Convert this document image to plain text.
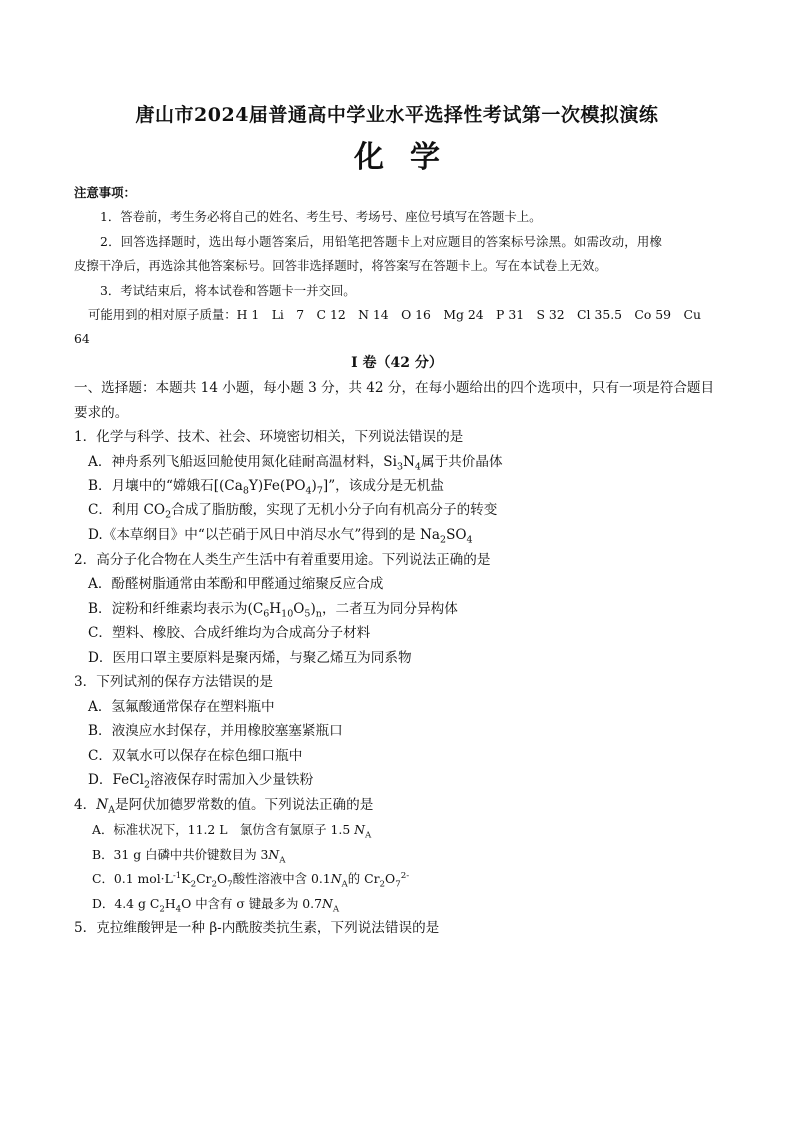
唐山市2024届普通高中学业水平选择性考试第一次模拟演练
化学
注意事项：
1．答卷前，考生务必将自己的姓名、考生号、考场号、座位号填写在答题卡上。
2．回答选择题时，选出每小题答案后，用铅笔把答题卡上对应题目的答案标号涂黑。如需改动，用橡
皮擦干净后，再选涂其他答案标号。回答非选择题时，将答案写在答题卡上。写在本试卷上无效。
3．考试结束后，将本试卷和答题卡一并交回。
可能用到的相对原子质量：H 1　Li　7　C 12　N 14　O 16　Mg 24　P 31　S 32　Cl 35.5　Co 59　Cu
64
I 卷（42 分）
一、选择题：本题共 14 小题，每小题 3 分，共 42 分，在每小题给出的四个选项中，只有一项是符合题目
要求的。
1．化学与科学、技术、社会、环境密切相关，下列说法错误的是
A．神舟系列飞船返回舱使用氮化硅耐高温材料，$Si_3N_4$属于共价晶体
B．月壤中的“嫦娥石$[(Ca_8Y)Fe(PO_4)_7]$”，该成分是无机盐
C．利用 $CO_2$合成了脂肪酸，实现了无机小分子向有机高分子的转变
D.《本草纲目》中“以芒硝于风日中消尽水气”得到的是 $Na_2SO_4$
2．高分子化合物在人类生产生活中有着重要用途。下列说法正确的是
A．酚醛树脂通常由苯酚和甲醛通过缩聚反应合成
B．淀粉和纤维素均表示为$(C_6H_{10}O_5)_n$，二者互为同分异构体
C．塑料、橡胶、合成纤维均为合成高分子材料
D．医用口罩主要原料是聚丙烯，与聚乙烯互为同系物
3．下列试剂的保存方法错误的是
A．氢氟酸通常保存在塑料瓶中
B．液溴应水封保存，并用橡胶塞塞紧瓶口
C．双氧水可以保存在棕色细口瓶中
D．FeCl$_2$溶液保存时需加入少量铁粉
4．$N_A$是阿伏加德罗常数的值。下列说法正确的是
A．标准状况下，11.2 L　氯仿含有氯原子 1.5 $N_A$
B．31 g 白磷中共价键数目为 $3N_A$
C．0.1 $mol\cdot L^{-1}K_2Cr_2O_7$酸性溶液中含 $0.1N_A$的 $Cr_2O_7^{2-}$
D．4.4 g $C_2H_4O$ 中含有 σ 键最多为 $0.7N_A$
5．克拉维酸钾是一种 β-内酰胺类抗生素，下列说法错误的是
